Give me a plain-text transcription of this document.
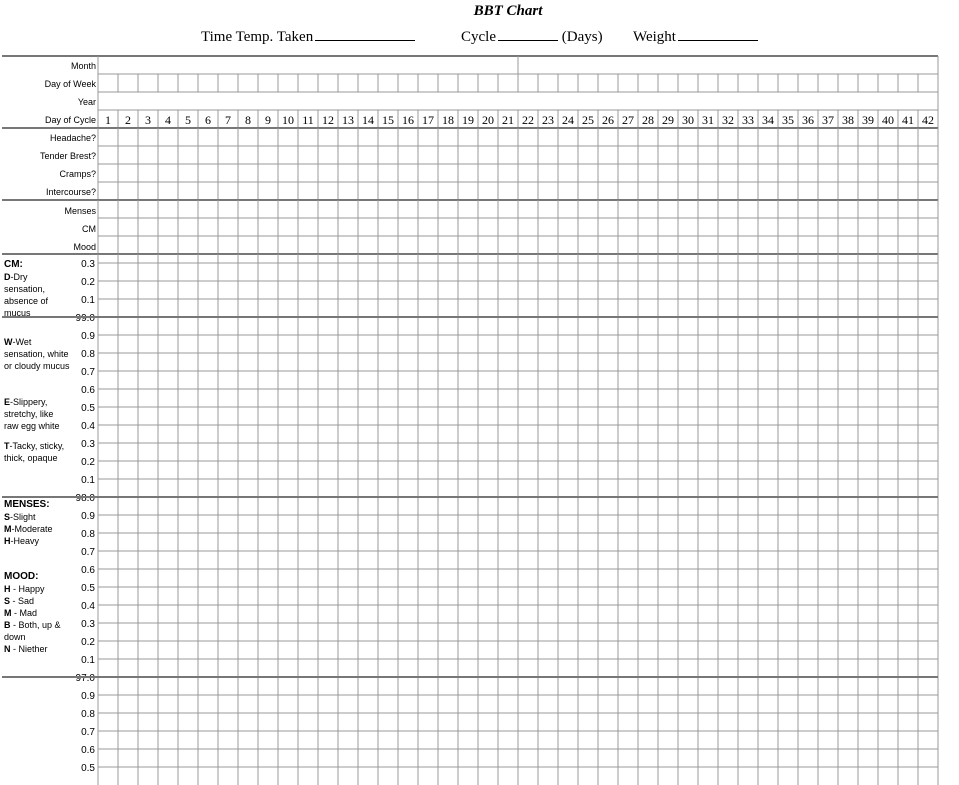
BBT Chart
Time Temp. Taken	Cycle	(Days) Weight
Month
Day of Week
Year
Day of Cycle 1 2 3 4 5 6 7 8 9 10 11 12 13 14 15 16 17 18 19 20 21 22 23 24 25 26 27 28 29 30 31 32 33 34 35 36 37 38 39 40 41 42
Headache?
Tender Brest?
Cramps?
Intercourse?
Menses
CM
Mood
0.3
0.2
0.1
99.0
0.9
0.8
0.7
0.6
0.5
0.4
0.3
0.2
0.1
98.0
0.9
0.8
0.7
0.6
0.5
0.4
0.3
0.2
0.1
97.0
0.9
0.8
0.7
0.6
0.5
CM:
D-Dry sensation, absence of mucus
W-Wet sensation, white or cloudy mucus
E-Slippery, stretchy, like raw egg white
T-Tacky, sticky, thick, opaque
MENSES:
S-Slight
M-Moderate
H-Heavy
MOOD:
H - Happy
S - Sad
M - Mad
B - Both, up & down
N - Niether
